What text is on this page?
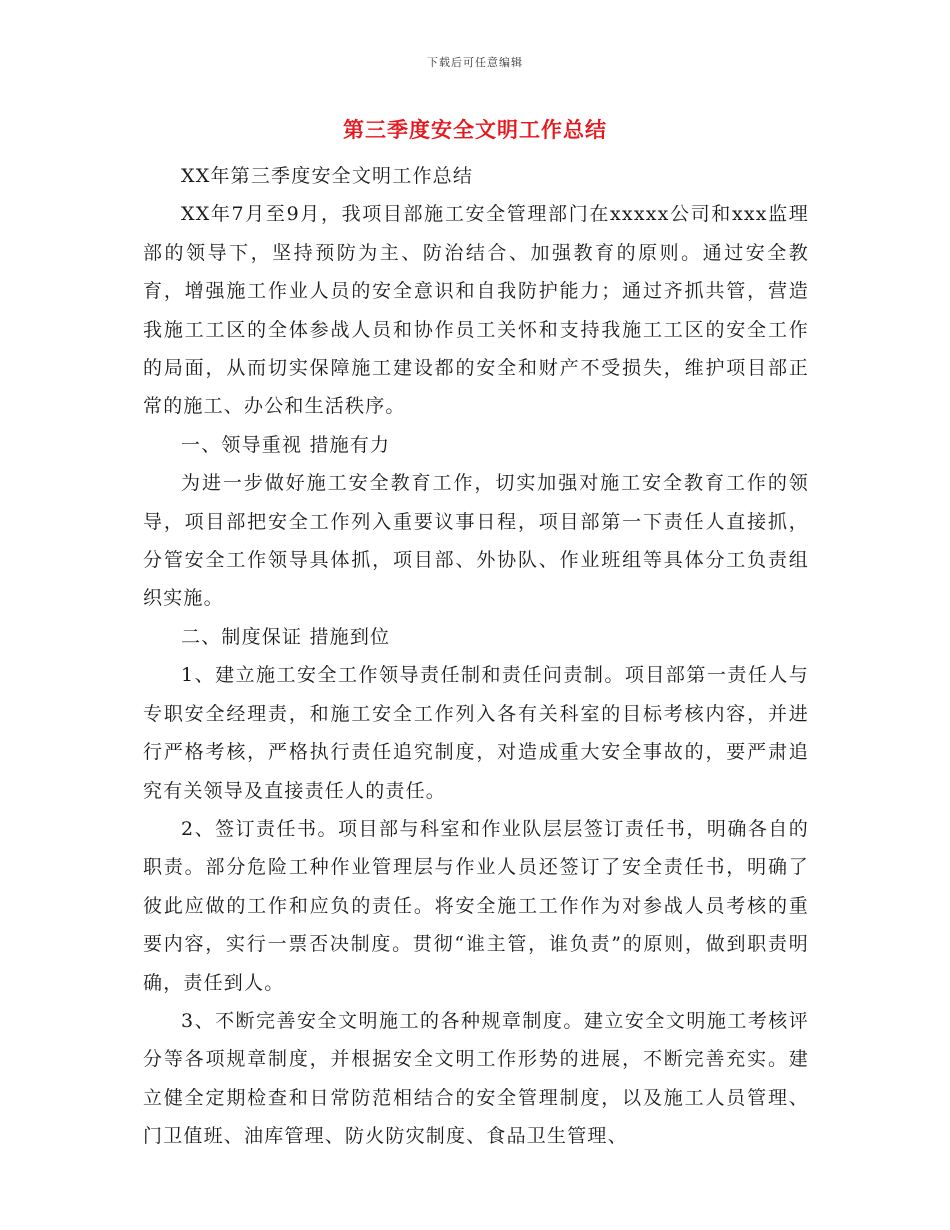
下载后可任意编辑
第三季度安全文明工作总结

XX年第三季度安全文明工作总结

XX年7月至9月，我项目部施工安全管理部门在xxxxx公司和xxx监理部的领导下，坚持预防为主、防治结合、加强教育的原则。通过安全教育，增强施工作业人员的安全意识和自我防护能力；通过齐抓共管，营造我施工工区的全体参战人员和协作员工关怀和支持我施工工区的安全工作的局面，从而切实保障施工建设都的安全和财产不受损失，维护项目部正常的施工、办公和生活秩序。

一、领导重视 措施有力

为进一步做好施工安全教育工作，切实加强对施工安全教育工作的领导，项目部把安全工作列入重要议事日程，项目部第一下责任人直接抓，分管安全工作领导具体抓，项目部、外协队、作业班组等具体分工负责组织实施。

二、制度保证 措施到位

1、建立施工安全工作领导责任制和责任问责制。项目部第一责任人与专职安全经理责，和施工安全工作列入各有关科室的目标考核内容，并进行严格考核，严格执行责任追究制度，对造成重大安全事故的，要严肃追究有关领导及直接责任人的责任。

2、签订责任书。项目部与科室和作业队层层签订责任书，明确各自的职责。部分危险工种作业管理层与作业人员还签订了安全责任书，明确了彼此应做的工作和应负的责任。将安全施工工作作为对参战人员考核的重要内容，实行一票否决制度。贯彻“谁主管，谁负责”的原则，做到职责明确，责任到人。

3、不断完善安全文明施工的各种规章制度。建立安全文明施工考核评分等各项规章制度，并根据安全文明工作形势的进展，不断完善充实。建立健全定期检查和日常防范相结合的安全管理制度，以及施工人员管理、门卫值班、油库管理、防火防灾制度、食品卫生管理、
